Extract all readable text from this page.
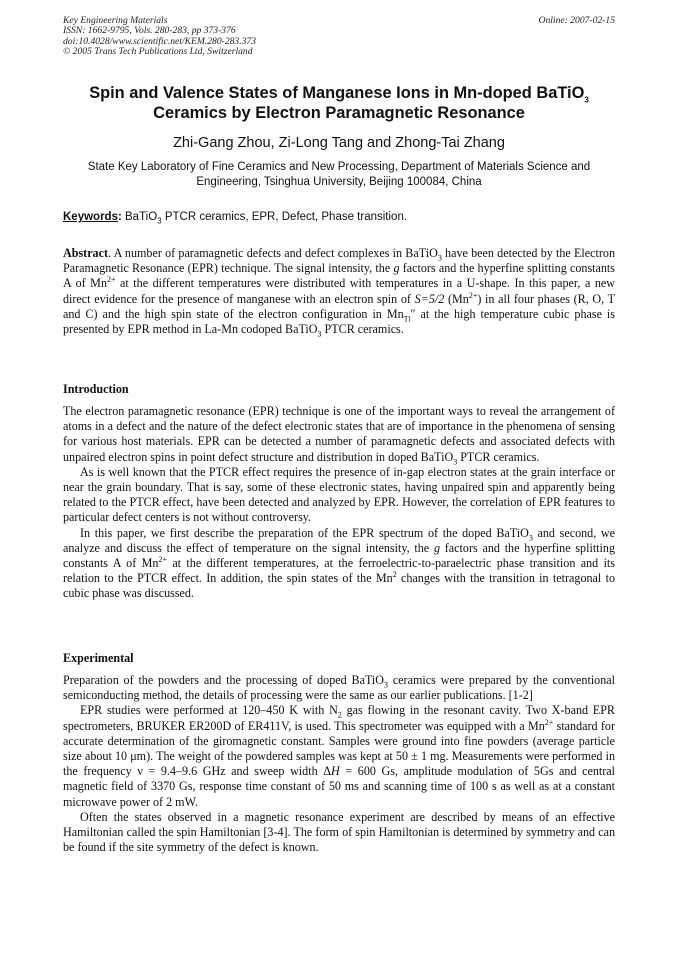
Key Engineering Materials
ISSN: 1662-9795, Vols. 280-283, pp 373-376
doi:10.4028/www.scientific.net/KEM.280-283.373
© 2005 Trans Tech Publications Ltd, Switzerland
Online: 2007-02-15
Spin and Valence States of Manganese Ions in Mn-doped BaTiO$_3$
Ceramics by Electron Paramagnetic Resonance
Zhi-Gang Zhou, Zi-Long Tang and Zhong-Tai Zhang
State Key Laboratory of Fine Ceramics and New Processing, Department of Materials Science and
Engineering, Tsinghua University, Beijing 100084, China
Keywords: BaTiO$_3$ PTCR ceramics, EPR, Defect, Phase transition.

Abstract. A number of paramagnetic defects and defect complexes in BaTiO$_3$ have been detected by the Electron Paramagnetic Resonance (EPR) technique. The signal intensity, the g factors and the hyperfine splitting constants A of $Mn^{2+}$ at the different temperatures were distributed with temperatures in a U-shape. In this paper, a new direct evidence for the presence of manganese with an electron spin of S=5/2 $(Mn^{2+})$ in all four phases (R, O, T and C) and the high spin state of the electron configuration in $Mn_{Ti}''$ at the high temperature cubic phase is presented by EPR method in La-Mn codoped BaTiO$_3$ PTCR ceramics.

Introduction

The electron paramagnetic resonance (EPR) technique is one of the important ways to reveal the arrangement of atoms in a defect and the nature of the defect electronic states that are of importance in the phenomena of sensing for various host materials. EPR can be detected a number of paramagnetic defects and associated defects with unpaired electron spins in point defect structure and distribution in doped BaTiO$_3$ PTCR ceramics.

As is well known that the PTCR effect requires the presence of in-gap electron states at the grain interface or near the grain boundary. That is say, some of these electronic states, having unpaired spin and apparently being related to the PTCR effect, have been detected and analyzed by EPR. However, the correlation of EPR features to particular defect centers is not without controversy.

In this paper, we first describe the preparation of the EPR spectrum of the doped BaTiO$_3$ and second, we analyze and discuss the effect of temperature on the signal intensity, the g factors and the hyperfine splitting constants A of $Mn^{2+}$ at the different temperatures, at the ferroelectric-to-paraelectric phase transition and its relation to the PTCR effect. In addition, the spin states of the Mn$^2$ changes with the transition in tetragonal to cubic phase was discussed.

Experimental

Preparation of the powders and the processing of doped BaTiO$_3$ ceramics were prepared by the conventional semiconducting method, the details of processing were the same as our earlier publications. [1-2]

EPR studies were performed at 120–450 K with $N_2$ gas flowing in the resonant cavity. Two X-band EPR spectrometers, BRUKER ER200D of ER411V, is used. This spectrometer was equipped with a $Mn^{2+}$ standard for accurate determination of the giromagnetic constant. Samples were ground into fine powders (average particle size about 10 μm). The weight of the powdered samples was kept at 50 ± 1 mg. Measurements were performed in the frequency ν = 9.4–9.6 GHz and sweep width ΔH = 600 Gs, amplitude modulation of 5Gs and central magnetic field of 3370 Gs, response time constant of 50 ms and scanning time of 100 s as well as at a constant microwave power of 2 mW.

Often the states observed in a magnetic resonance experiment are described by means of an effective Hamiltonian called the spin Hamiltonian [3-4]. The form of spin Hamiltonian is determined by symmetry and can be found if the site symmetry of the defect is known.
